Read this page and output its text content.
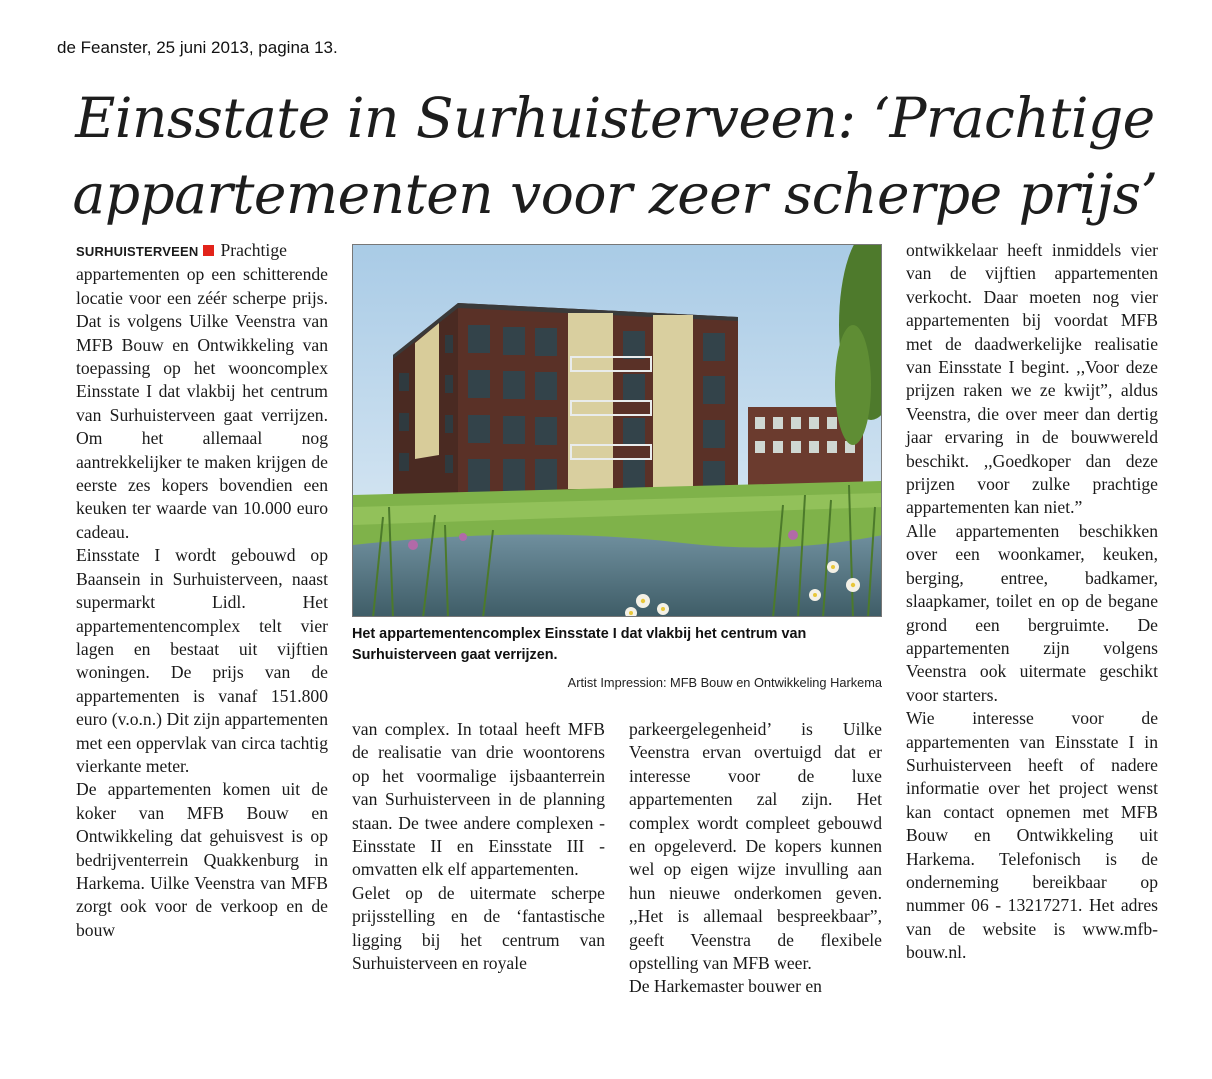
de Feanster, 25 juni 2013, pagina 13.
Einsstate in Surhuisterveen: ‘Prachtige
appartementen voor zeer scherpe prijs’

SURHUISTERVEEN Prachtige appartementen op een schitterende locatie voor een zéér scherpe prijs. Dat is volgens Uilke Veenstra van MFB Bouw en Ontwikkeling van toepassing op het wooncomplex Einsstate I dat vlakbij het centrum van Surhuisterveen gaat verrijzen. Om het allemaal nog aantrekkelijker te maken krijgen de eerste zes kopers bovendien een keuken ter waarde van 10.000 euro cadeau.

Einsstate I wordt gebouwd op Baansein in Surhuisterveen, naast supermarkt Lidl. Het appartementencomplex telt vier lagen en bestaat uit vijftien woningen. De prijs van de appartementen is vanaf 151.800 euro (v.o.n.) Dit zijn appartementen met een oppervlak van circa tachtig vierkante meter.

De appartementen komen uit de koker van MFB Bouw en Ontwikkeling dat gehuisvest is op bedrijventerrein Quakkenburg in Harkema. Uilke Veenstra van MFB zorgt ook voor de verkoop en de bouw

Het appartementencomplex Einsstate I dat vlakbij het centrum van Surhuisterveen gaat verrijzen.
Artist Impression: MFB Bouw en Ontwikkeling Harkema

van complex. In totaal heeft MFB de realisatie van drie woontorens op het voormalige ijsbaanterrein van Surhuisterveen in de planning staan. De twee andere complexen - Einsstate II en Einsstate III - omvatten elk elf appartementen.

Gelet op de uitermate scherpe prijsstelling en de ‘fantastische ligging bij het centrum van Surhuisterveen en royale

parkeergelegenheid’ is Uilke Veenstra ervan overtuigd dat er interesse voor de luxe appartementen zal zijn. Het complex wordt compleet gebouwd en opgeleverd. De kopers kunnen wel op eigen wijze invulling aan hun nieuwe onderkomen geven. ,,Het is allemaal bespreekbaar”, geeft Veenstra de flexibele opstelling van MFB weer.

De Harkemaster bouwer en

ontwikkelaar heeft inmiddels vier van de vijftien appartementen verkocht. Daar moeten nog vier appartementen bij voordat MFB met de daadwerkelijke realisatie van Einsstate I begint. ,,Voor deze prijzen raken we ze kwijt”, aldus Veenstra, die over meer dan dertig jaar ervaring in de bouwwereld beschikt. ,,Goedkoper dan deze prijzen voor zulke prachtige appartementen kan niet.”

Alle appartementen beschikken over een woonkamer, keuken, berging, entree, badkamer, slaapkamer, toilet en op de begane grond een bergruimte. De appartementen zijn volgens Veenstra ook uitermate geschikt voor starters.

Wie interesse voor de appartementen van Einsstate I in Surhuisterveen heeft of nadere informatie over het project wenst kan contact opnemen met MFB Bouw en Ontwikkeling uit Harkema. Telefonisch is de onderneming bereikbaar op nummer 06 - 13217271. Het adres van de website is www.mfb-bouw.nl.
